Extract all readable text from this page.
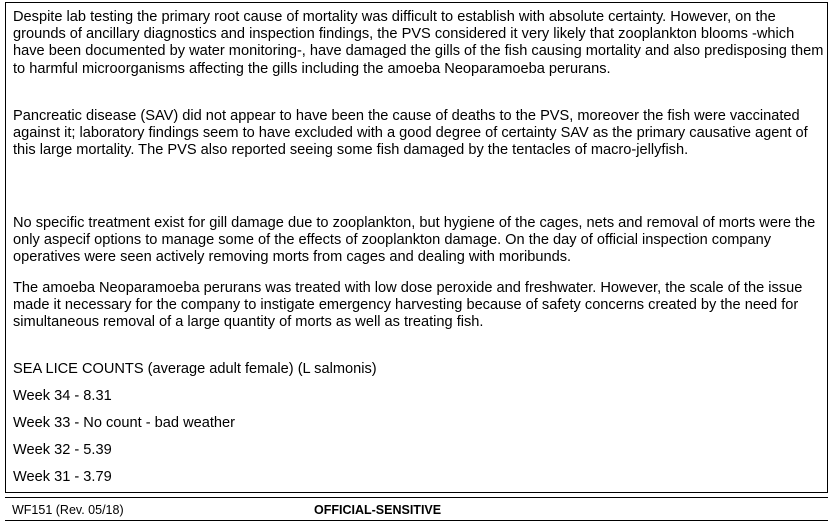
Despite lab testing the primary root cause of mortality was difficult to establish with absolute certainty. However, on the grounds of ancillary diagnostics and inspection findings, the PVS considered it very likely that zooplankton blooms -which have been documented by water monitoring-, have damaged the gills of the fish causing mortality and also predisposing them to harmful microorganisms affecting the gills including the amoeba Neoparamoeba perurans.

Pancreatic disease (SAV) did not appear to have been the cause of deaths to the PVS, moreover the fish were vaccinated against it; laboratory findings seem to have excluded with a good degree of certainty SAV as the primary causative agent of this large mortality. The PVS also reported seeing some fish damaged by the tentacles of macro-jellyfish.

No specific treatment exist for gill damage due to zooplankton, but hygiene of the cages, nets and removal of morts were the only aspecif options to manage some of the effects of zooplankton damage. On the day of official inspection company operatives were seen actively removing morts from cages and dealing with moribunds.

The amoeba Neoparamoeba perurans was treated with low dose peroxide and freshwater. However, the scale of the issue made it necessary for the company to instigate emergency harvesting because of safety concerns created by the need for simultaneous removal of a large quantity of morts as well as treating fish.

SEA LICE COUNTS (average adult female) (L salmonis)
Week 34 - 8.31
Week 33 - No count - bad weather
Week 32 - 5.39
Week 31 - 3.79
WF151 (Rev. 05/18)	OFFICIAL-SENSITIVE
